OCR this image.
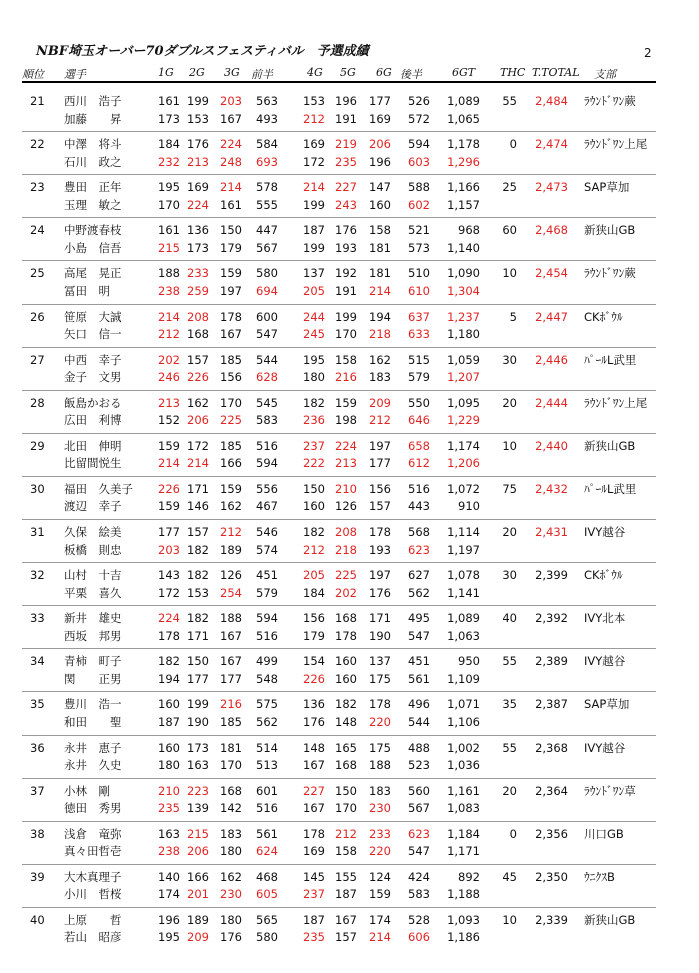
NBF埼玉オーバー70ダブルスフェスティバル　予選成績	2
順位 選手	1G 2G 3G 前半	4G 5G 6G 後半	6GT THC T.TOTAL 支部
21 西川　浩子	161 199 203 563 153 196 177 526 1,089 55 2,484 ﾗｳﾝﾄﾞﾜﾝ蕨
加藤　　昇	173 153 167 493 212 191 169 572 1,065
22 中澤　将斗	184 176 224 584 169 219 206 594 1,178	0 2,474 ﾗｳﾝﾄﾞﾜﾝ上尾
石川　政之	232 213 248 693 172 235 196 603 1,296
23 豊田　正年	195 169 214 578 214 227 147 588 1,166 25 2,473 SAP草加
玉理　敏之	170 224 161 555 199 243 160 602 1,157
24 中野渡春枝	161 136 150 447 187 176 158 521 968 60 2,468 新狭山GB
小島　信吾	215 173 179 567 199 193 181 573 1,140
25 高尾　晃正	188 233 159 580 137 192 181 510 1,090 10 2,454 ﾗｳﾝﾄﾞﾜﾝ蕨
冨田　明	238 259 197 694 205 191 214 610 1,304
26 笹原　大誠	214 208 178 600 244 199 194 637 1,237	5 2,447 CKﾎﾞｳﾙ
矢口　信一	212 168 167 547 245 170 218 633 1,180
27 中西　幸子	202 157 185 544 195 158 162 515 1,059 30 2,446 ﾊﾟｰﾙL武里
金子　文男	246 226 156 628 180 216 183 579 1,207
28 飯島かおる	213 162 170 545 182 159 209 550 1,095 20 2,444 ﾗｳﾝﾄﾞﾜﾝ上尾
広田　利博	152 206 225 583 236 198 212 646 1,229
29 北田　伸明	159 172 185 516 237 224 197 658 1,174 10 2,440 新狭山GB
比留間悦生	214 214 166 594 222 213 177 612 1,206
30 福田　久美子 226 171 159 556 150 210 156 516 1,072 75 2,432 ﾊﾟｰﾙL武里
渡辺　幸子	159 146 162 467 160 126 157 443 910
31 久保　絵美	177 157 212 546 182 208 178 568 1,114 20 2,431 IVY越谷
板橋　則忠	203 182 189 574 212 218 193 623 1,197
32 山村　十吉	143 182 126 451 205 225 197 627 1,078 30 2,399 CKﾎﾞｳﾙ
平栗　喜久	172 153 254 579 184 202 176 562 1,141
33 新井　雄史	224 182 188 594 156 168 171 495 1,089 40 2,392 IVY北本
西坂　邦男	178 171 167 516 179 178 190 547 1,063
34 青柿　町子	182 150 167 499 154 160 137 451 950 55 2,389 IVY越谷
関　　正男	194 177 177 548 226 160 175 561 1,109
35 豊川　浩一	160 199 216 575 136 182 178 496 1,071 35 2,387 SAP草加
和田　　聖	187 190 185 562 176 148 220 544 1,106
36 永井　恵子	160 173 181 514 148 165 175 488 1,002 55 2,368 IVY越谷
永井　久史	180 163 170 513 167 168 188 523 1,036
37 小林　剛	210 223 168 601 227 150 183 560 1,161 20 2,364 ﾗｳﾝﾄﾞﾜﾝ草
徳田　秀男	235 139 142 516 167 170 230 567 1,083
38 浅倉　竜弥	163 215 183 561 178 212 233 623 1,184	0 2,356 川口GB
真々田哲壱	238 206 180 624 169 158 220 547 1,171
39 大木真理子	140 166 162 468 145 155 124 424 892 45 2,350 ｳﾆｸｽB
小川　哲桜	174 201 230 605 237 187 159 583 1,188
40 上原　　哲	196 189 180 565 187 167 174 528 1,093 10 2,339 新狭山GB
若山　昭彦	195 209 176 580 235 157 214 606 1,186
